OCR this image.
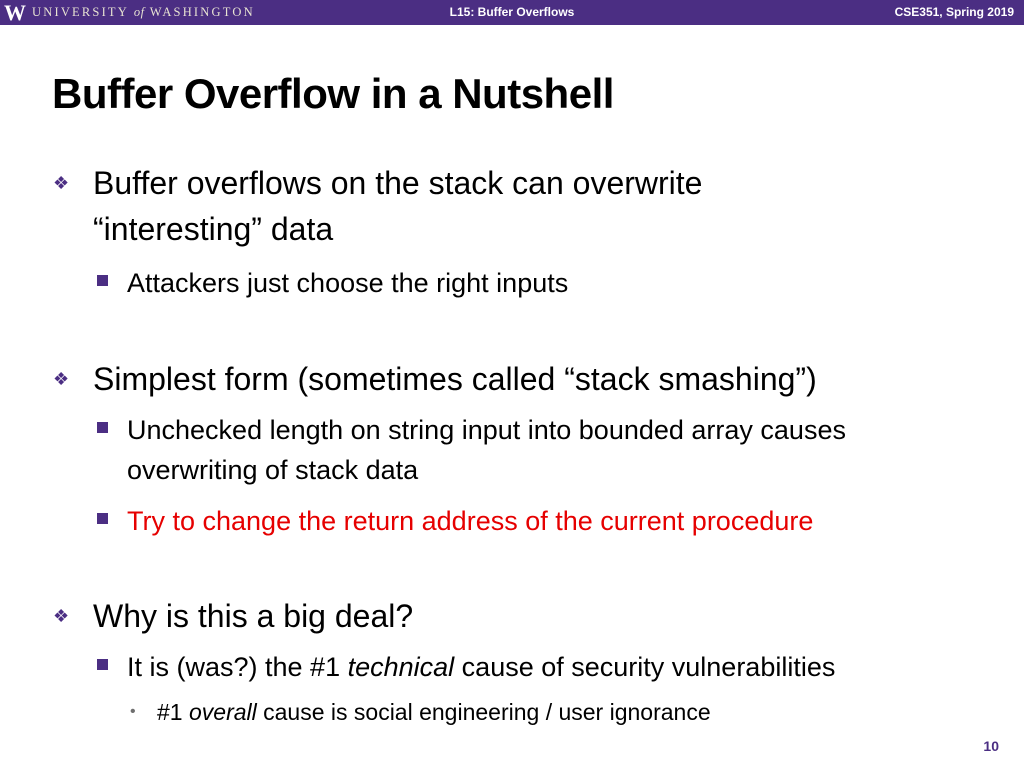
W UNIVERSITY of WASHINGTON	L15: Buffer Overflows	CSE351, Spring 2019
Buffer Overflow in a Nutshell
❖ Buffer overflows on the stack can overwrite
“interesting” data
Attackers just choose the right inputs
❖ Simplest form (sometimes called “stack smashing”)
Unchecked length on string input into bounded array causes
overwriting of stack data
Try to change the return address of the current procedure
❖ Why is this a big deal?
It is (was?) the #1 technical cause of security vulnerabilities
• #1 overall cause is social engineering / user ignorance
10
